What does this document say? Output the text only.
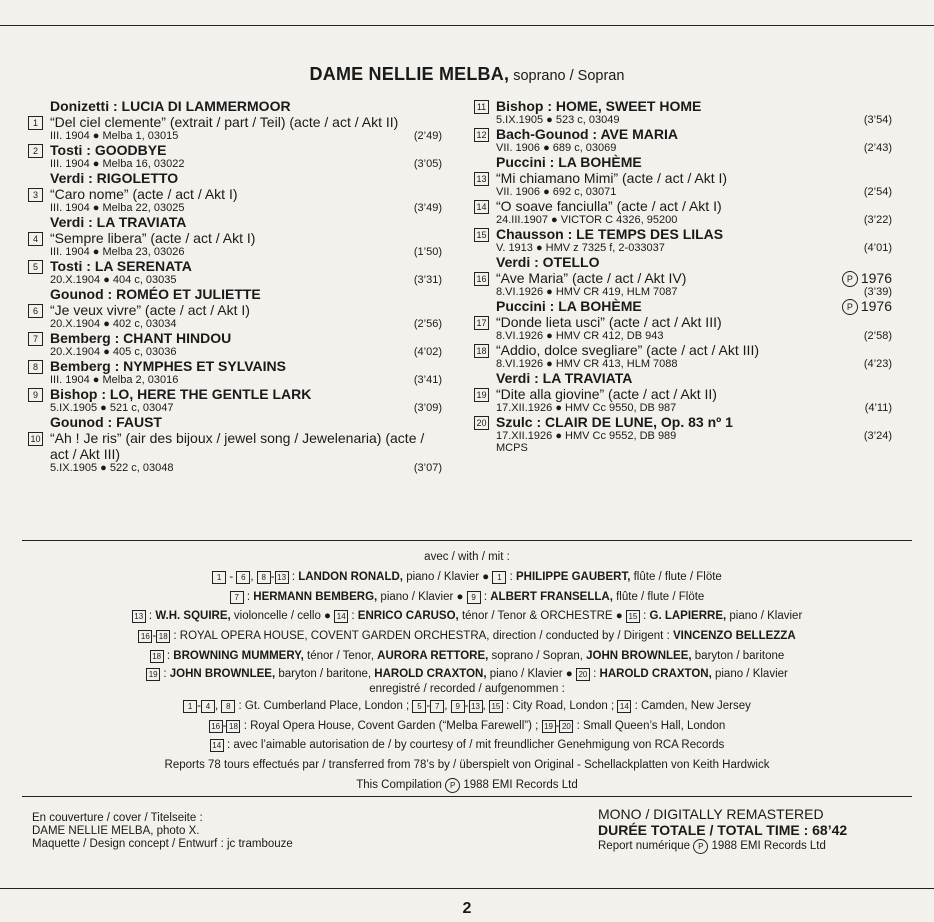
DAME NELLIE MELBA, soprano / Sopran
Donizetti : LUCIA DI LAMMERMOOR
1 “Del ciel clemente” (extrait / part / Teil) (acte / act / Akt II)
III. 1904 ● Melba 1, 03015	(2’49)
2 Tosti : GOODBYE
III. 1904 ● Melba 16, 03022	(3’05)
Verdi : RIGOLETTO
3 “Caro nome” (acte / act / Akt I)
III. 1904 ● Melba 22, 03025	(3’49)
Verdi : LA TRAVIATA
4 “Sempre libera” (acte / act / Akt I)
III. 1904 ● Melba 23, 03026	(1’50)
5 Tosti : LA SERENATA
20.X.1904 ● 404 c, 03035	(3’31)
Gounod : ROMÉO ET JULIETTE
6 “Je veux vivre” (acte / act / Akt I)
20.X.1904 ● 402 c, 03034	(2’56)
7 Bemberg : CHANT HINDOU
20.X.1904 ● 405 c, 03036	(4’02)
8 Bemberg : NYMPHES ET SYLVAINS
III. 1904 ● Melba 2, 03016	(3’41)
9 Bishop : LO, HERE THE GENTLE LARK
5.IX.1905 ● 521 c, 03047	(3’09)
Gounod : FAUST
10 “Ah ! Je ris” (air des bijoux / jewel song / Jewelenaria) (acte / act / Akt III)
5.IX.1905 ● 522 c, 03048	(3’07)
11 Bishop : HOME, SWEET HOME
5.IX.1905 ● 523 c, 03049	(3’54)
12 Bach-Gounod : AVE MARIA
VII. 1906 ● 689 c, 03069	(2’43)
Puccini : LA BOHÈME
13 “Mi chiamano Mimi” (acte / act / Akt I)
VII. 1906 ● 692 c, 03071	(2’54)
14 “O soave fanciulla” (acte / act / Akt I)
24.III.1907 ● VICTOR C 4326, 95200	(3’22)
15 Chausson : LE TEMPS DES LILAS
V. 1913 ● HMV z 7325 f, 2-033037	(4’01)
Verdi : OTELLO
16 “Ave Maria” (acte / act / Akt IV)	P 1976
8.VI.1926 ● HMV CR 419, HLM 7087	(3’39)
Puccini : LA BOHÈME	P 1976
17 “Donde lieta usci” (acte / act / Akt III)
8.VI.1926 ● HMV CR 412, DB 943	(2’58)
18 “Addio, dolce svegliare” (acte / act / Akt III)
8.VI.1926 ● HMV CR 413, HLM 7088	(4’23)
Verdi : LA TRAVIATA
19 “Dite alla giovine” (acte / act / Akt II)
17.XII.1926 ● HMV Cc 9550, DB 987	(4’11)
20 Szulc : CLAIR DE LUNE, Op. 83 nº 1
17.XII.1926 ● HMV Cc 9552, DB 989	(3’24)
MCPS
avec / with / mit :
1 - 6 , 8 - 13 : LANDON RONALD, piano / Klavier ● 1 : PHILIPPE GAUBERT, flûte / flute / Flöte
7 : HERMANN BEMBERG, piano / Klavier ● 9 : ALBERT FRANSELLA, flûte / flute / Flöte
13 : W.H. SQUIRE, violoncelle / cello ● 14 : ENRICO CARUSO, ténor / Tenor & ORCHESTRE ● 15 : G. LAPIERRE, piano / Klavier
16 - 18 : ROYAL OPERA HOUSE, COVENT GARDEN ORCHESTRA, direction / conducted by / Dirigent : VINCENZO BELLEZZA
18 : BROWNING MUMMERY, ténor / Tenor, AURORA RETTORE, soprano / Sopran, JOHN BROWNLEE, baryton / baritone
19 : JOHN BROWNLEE, baryton / baritone, HAROLD CRAXTON, piano / Klavier ● 20 : HAROLD CRAXTON, piano / Klavier
enregistré / recorded / aufgenommen :
1 - 4 , 8 : Gt. Cumberland Place, London ; 5 - 7 , 9 - 13 , 15 : City Road, London ; 14 : Camden, New Jersey
16 - 18 : Royal Opera House, Covent Garden (“Melba Farewell”) ; 19 - 20 : Small Queen’s Hall, London
14 : avec l’aimable autorisation de / by courtesy of / mit freundlicher Genehmigung von RCA Records
Reports 78 tours effectués par / transferred from 78’s by / überspielt von Original - Schellackplatten von Keith Hardwick
This Compilation P 1988 EMI Records Ltd
En couverture / cover / Titelseite :
DAME NELLIE MELBA, photo X.
Maquette / Design concept / Entwurf : jc trambouze
MONO / DIGITALLY REMASTERED
DURÉE TOTALE / TOTAL TIME : 68’42
Report numérique P 1988 EMI Records Ltd
2
